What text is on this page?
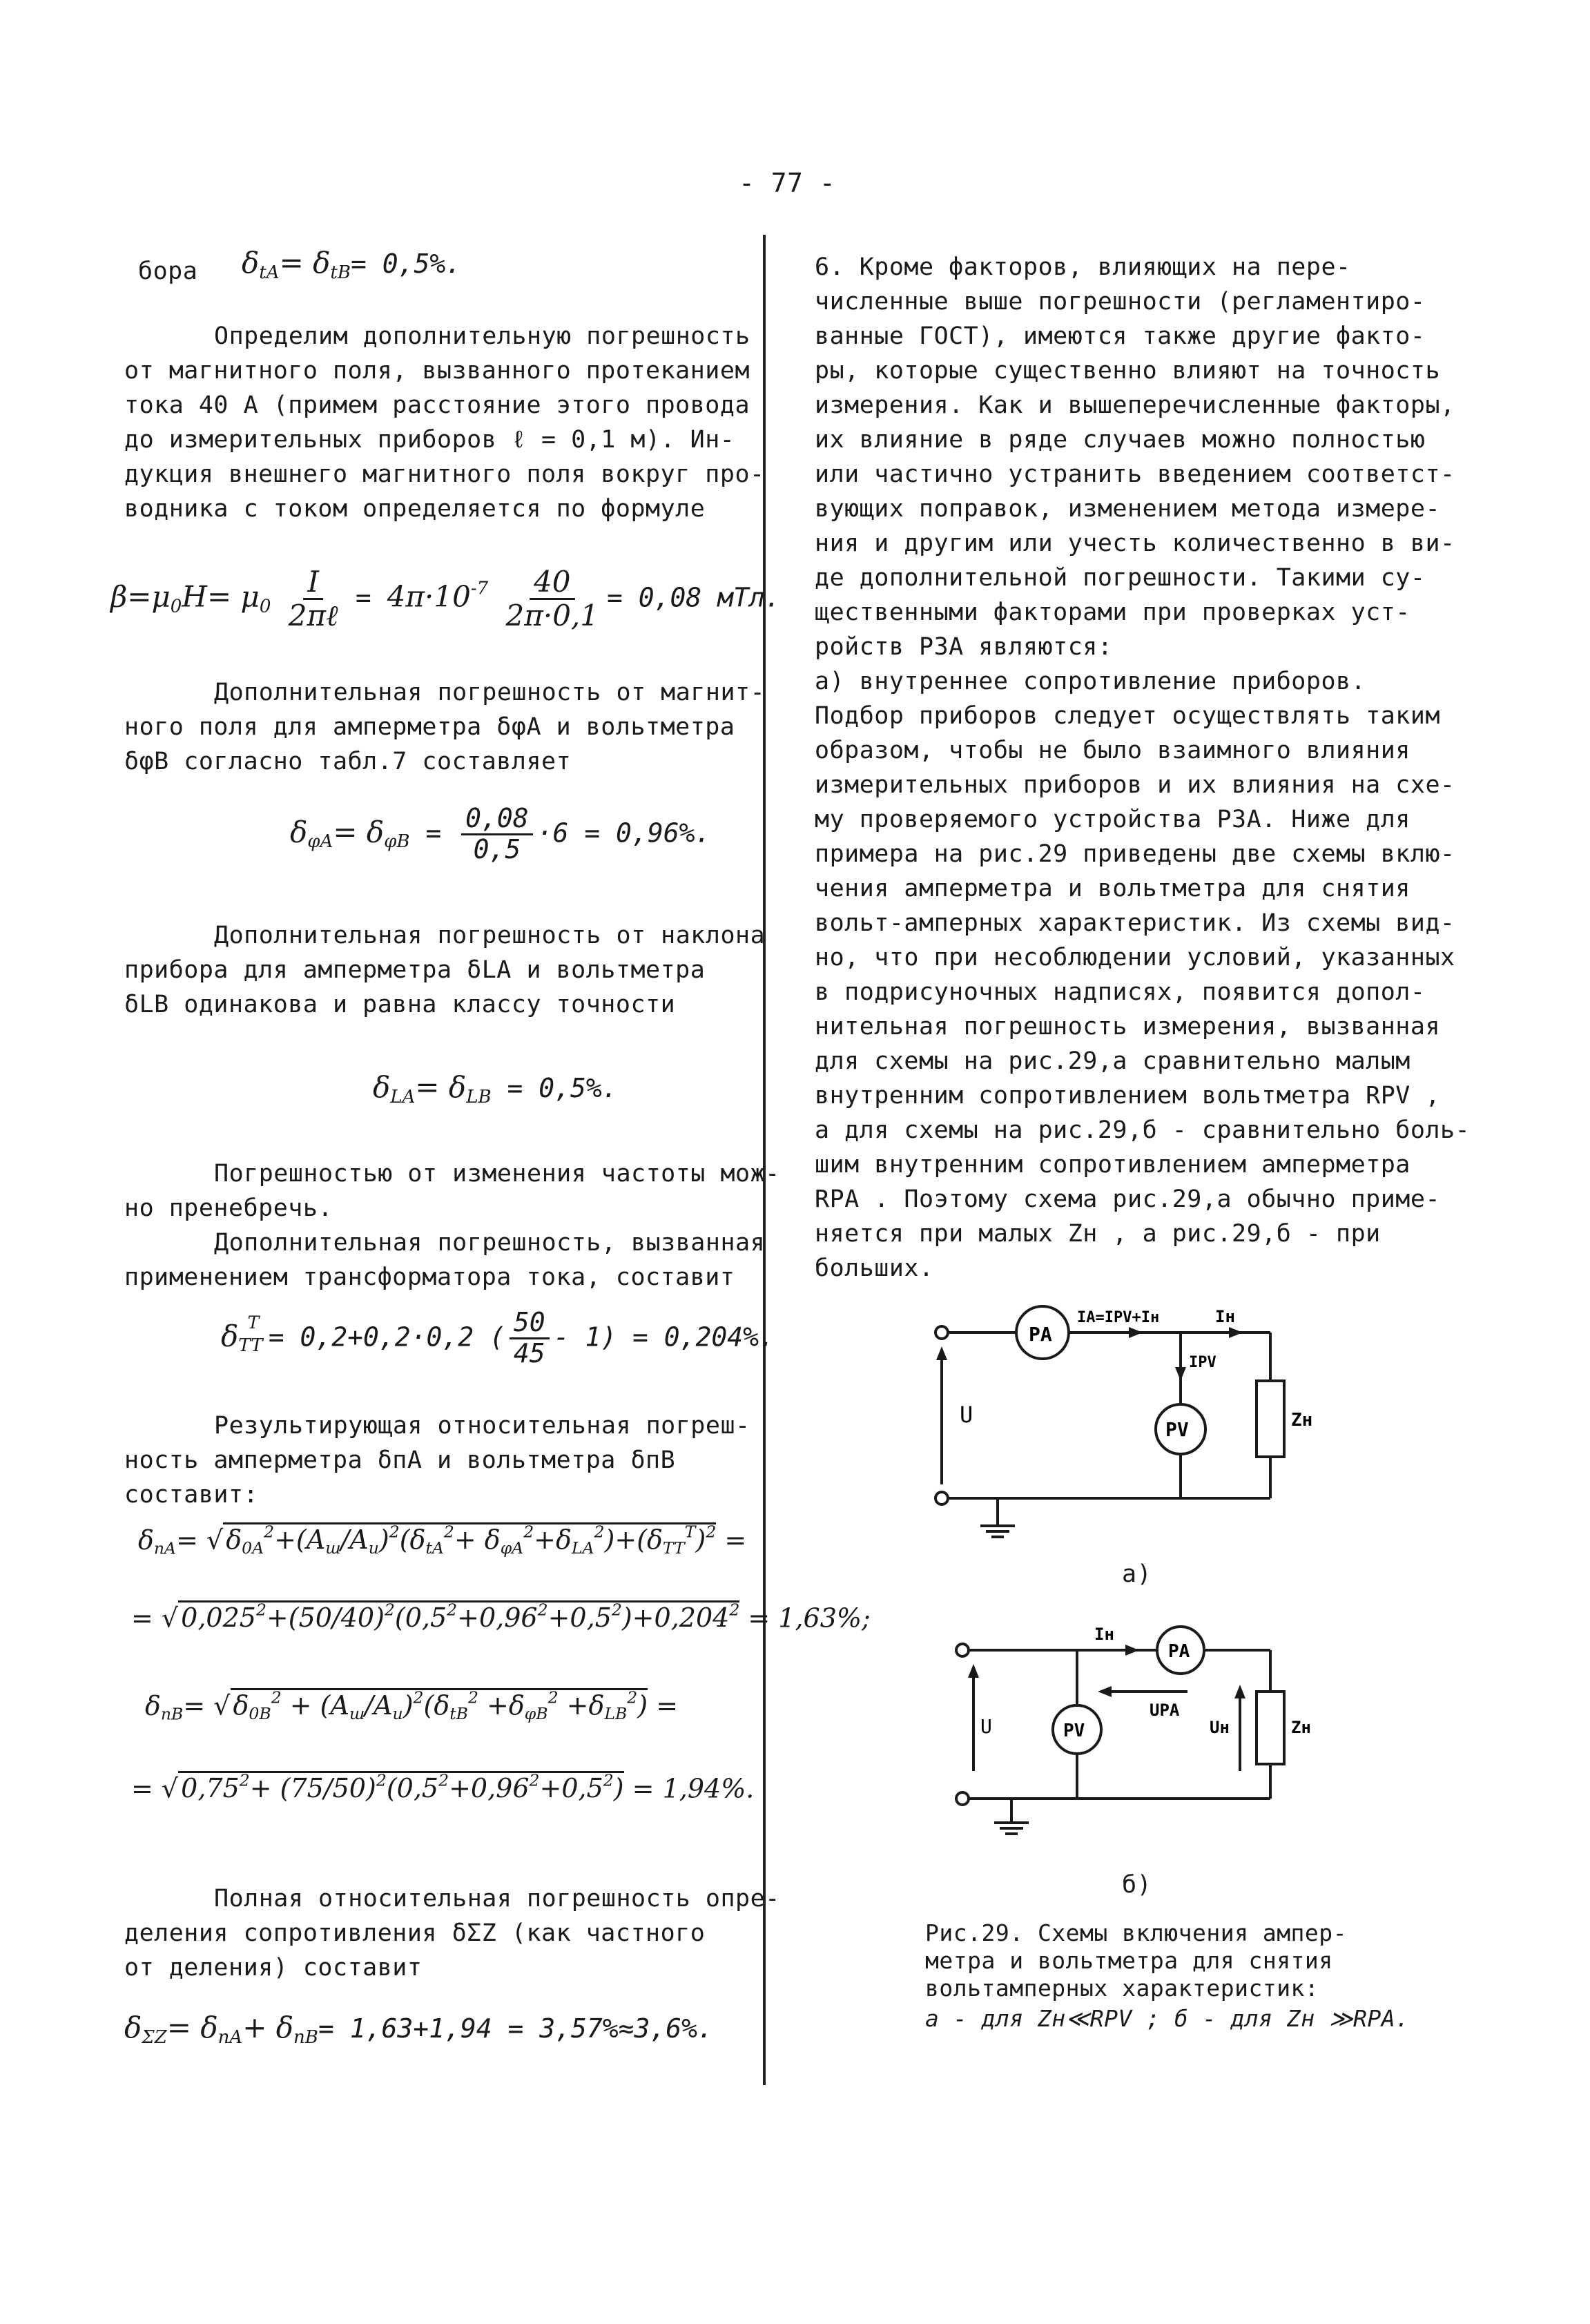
- 77 -
бора $\delta_{tA}= \delta_{tB}= 0,5\%$.
Определим дополнительную погрешность
от магнитного поля, вызванного протеканием
тока 40 А (примем расстояние этого провода
до измерительных приборов ℓ = 0,1 м). Ин-
дукция внешнего магнитного поля вокруг про-
водника с током определяется по формуле
$\beta=\mu_0H= \mu_0 \frac{I}{\text{2πℓ}} = 4\pi\cdot 10^{-7} \frac{40}{2\pi\cdot 0,1} = 0,08$ мТл.
Дополнительная погрешность от магнит-
ного поля для амперметра δφA и вольтметра
δφB согласно табл.7 составляет
$\delta_{\varphi A}= \delta_{\varphi B} = \frac{0,08}{0,5} \cdot 6 = 0,96\%$.
Дополнительная погрешность от наклона
прибора для амперметра δLA и вольтметра
δLB одинакова и равна классу точности
$\delta_{LA}= \delta_{LB} = 0,5\%$.
Погрешностью от изменения частоты мож-
но пренебречь.
Дополнительная погрешность, вызванная
применением трансформатора тока, составит
$\delta_{TT}^T = 0,2+0,2\cdot 0,2$ ( $\frac{50}{45} - 1) = 0,204\%$.
Результирующая относительная погреш-
ность амперметра δпA и вольтметра δпB
составит:
$\delta_{пA}=$ √ $\delta_{0A}^2+(A_ш/A_и)^2(\delta_{tA}^2+ \delta_{\varphi A}^2+\delta_{LA}^2)+(\delta_{TT}^T)^2$ =
= √ $0,025^2+(50/40)^2(0,5^2+0,96^2+0,5^2)+0,204^2 = 1,63\%$;
$\delta_{пB}=$ √ $\delta_{0B}^2 + (A_ш/A_и)^2(\delta_{tB}^2 +\delta_{\varphi B}^2 +\delta_{LB}^2)$ =
= √ $0,75^2+ (75/50)^2(0,5^2+0,96^2+0,5^2) = 1,94\%$.
Полная относительная погрешность опре-
деления сопротивления δΣZ (как частного
от деления) составит
$\delta_{\Sigma Z}= \delta_{пA}+ \delta_{пB}= 1,63+1,94 = 3,57\%\approx 3,6\%$.
6. Кроме факторов, влияющих на пере-
численные выше погрешности (регламентиро-
ванные ГОСТ), имеются также другие факто-
ры, которые существенно влияют на точность
измерения. Как и вышеперечисленные факторы,
их влияние в ряде случаев можно полностью
или частично устранить введением соответст-
вующих поправок, изменением метода измере-
ния и другим или учесть количественно в ви-
де дополнительной погрешности. Такими су-
щественными факторами при проверках уст-
ройств РЗА являются:
а) внутреннее сопротивление приборов.
Подбор приборов следует осуществлять таким
образом, чтобы не было взаимного влияния
измерительных приборов и их влияния на схе-
му проверяемого устройства РЗА. Ниже для
примера на рис.29 приведены две схемы вклю-
чения амперметра и вольтметра для снятия
вольт-амперных характеристик. Из схемы вид-
но, что при несоблюдении условий, указанных
в подрисуночных надписях, появится допол-
нительная погрешность измерения, вызванная
для схемы на рис.29,а сравнительно малым
внутренним сопротивлением вольтметра RPV ,
а для схемы на рис.29,б - сравнительно боль-
шим внутренним сопротивлением амперметра
RPA . Поэтому схема рис.29,а обычно приме-
няется при малых Zн , а рис.29,б - при
больших.
PA
PV	Zн
U
IA=IPV+Iн	Iн
IPV
а)
PA
PV	Zн
U
Iн
UPA
Uн
б)
Рис.29. Схемы включения ампер-
метра и вольтметра для снятия
вольтамперных характеристик:
а - для Zн≪RPV ; б - для Zн ≫RPA.
